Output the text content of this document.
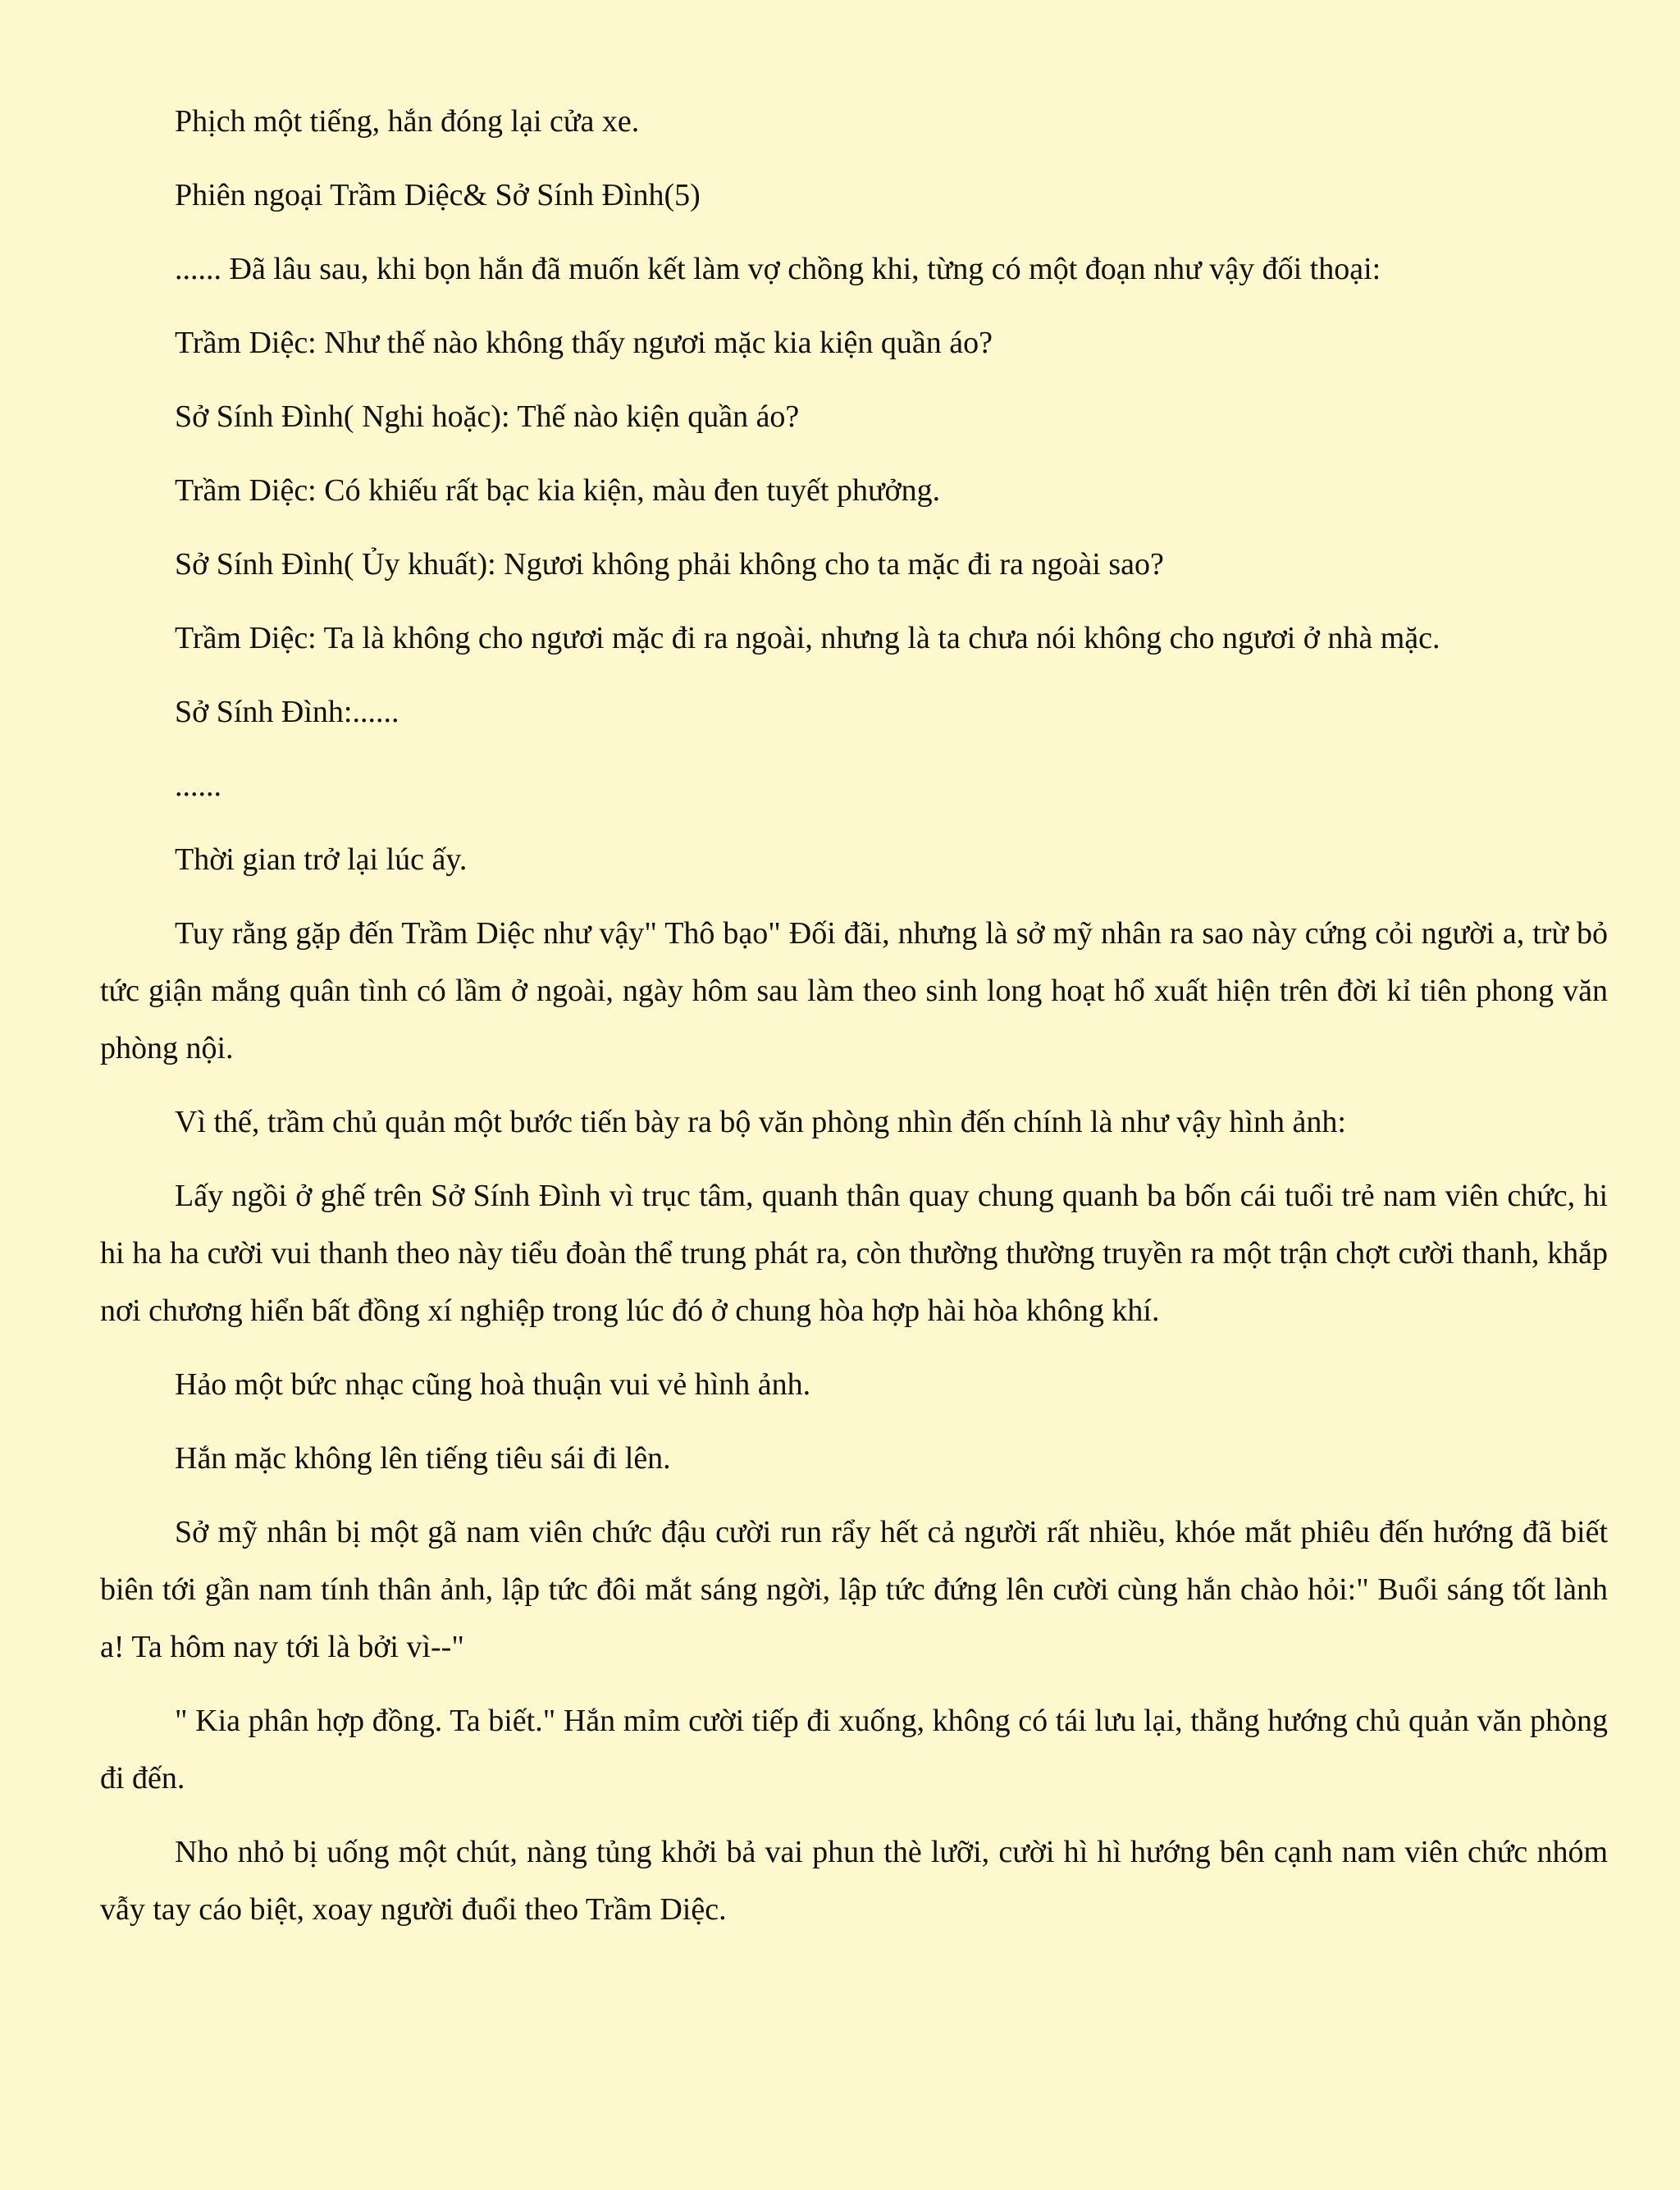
Phịch một tiếng, hắn đóng lại cửa xe.

Phiên ngoại Trầm Diệc& Sở Sính Đình(5)

...... Đã lâu sau, khi bọn hắn đã muốn kết làm vợ chồng khi, từng có một đoạn như vậy đối thoại:

Trầm Diệc: Như thế nào không thấy ngươi mặc kia kiện quần áo?

Sở Sính Đình( Nghi hoặc): Thế nào kiện quần áo?

Trầm Diệc: Có khiếu rất bạc kia kiện, màu đen tuyết phưởng.

Sở Sính Đình( Ủy khuất): Ngươi không phải không cho ta mặc đi ra ngoài sao?

Trầm Diệc: Ta là không cho ngươi mặc đi ra ngoài, nhưng là ta chưa nói không cho ngươi ở nhà mặc.

Sở Sính Đình:......

......

Thời gian trở lại lúc ấy.

Tuy rằng gặp đến Trầm Diệc như vậy" Thô bạo" Đối đãi, nhưng là sở mỹ nhân ra sao này cứng cỏi người a, trừ bỏ tức giận mắng quân tình có lầm ở ngoài, ngày hôm sau làm theo sinh long hoạt hổ xuất hiện trên đời kỉ tiên phong văn phòng nội.

Vì thế, trầm chủ quản một bước tiến bày ra bộ văn phòng nhìn đến chính là như vậy hình ảnh:

Lấy ngồi ở ghế trên Sở Sính Đình vì trục tâm, quanh thân quay chung quanh ba bốn cái tuổi trẻ nam viên chức, hi hi ha ha cười vui thanh theo này tiểu đoàn thể trung phát ra, còn thường thường truyền ra một trận chợt cười thanh, khắp nơi chương hiển bất đồng xí nghiệp trong lúc đó ở chung hòa hợp hài hòa không khí.

Hảo một bức nhạc cũng hoà thuận vui vẻ hình ảnh.

Hắn mặc không lên tiếng tiêu sái đi lên.

Sở mỹ nhân bị một gã nam viên chức đậu cười run rẩy hết cả người rất nhiều, khóe mắt phiêu đến hướng đã biết biên tới gần nam tính thân ảnh, lập tức đôi mắt sáng ngời, lập tức đứng lên cười cùng hắn chào hỏi:" Buổi sáng tốt lành a! Ta hôm nay tới là bởi vì--"

" Kia phân hợp đồng. Ta biết." Hắn mỉm cười tiếp đi xuống, không có tái lưu lại, thẳng hướng chủ quản văn phòng đi đến.

Nho nhỏ bị uống một chút, nàng tủng khởi bả vai phun thè lưỡi, cười hì hì hướng bên cạnh nam viên chức nhóm vẫy tay cáo biệt, xoay người đuổi theo Trầm Diệc.
